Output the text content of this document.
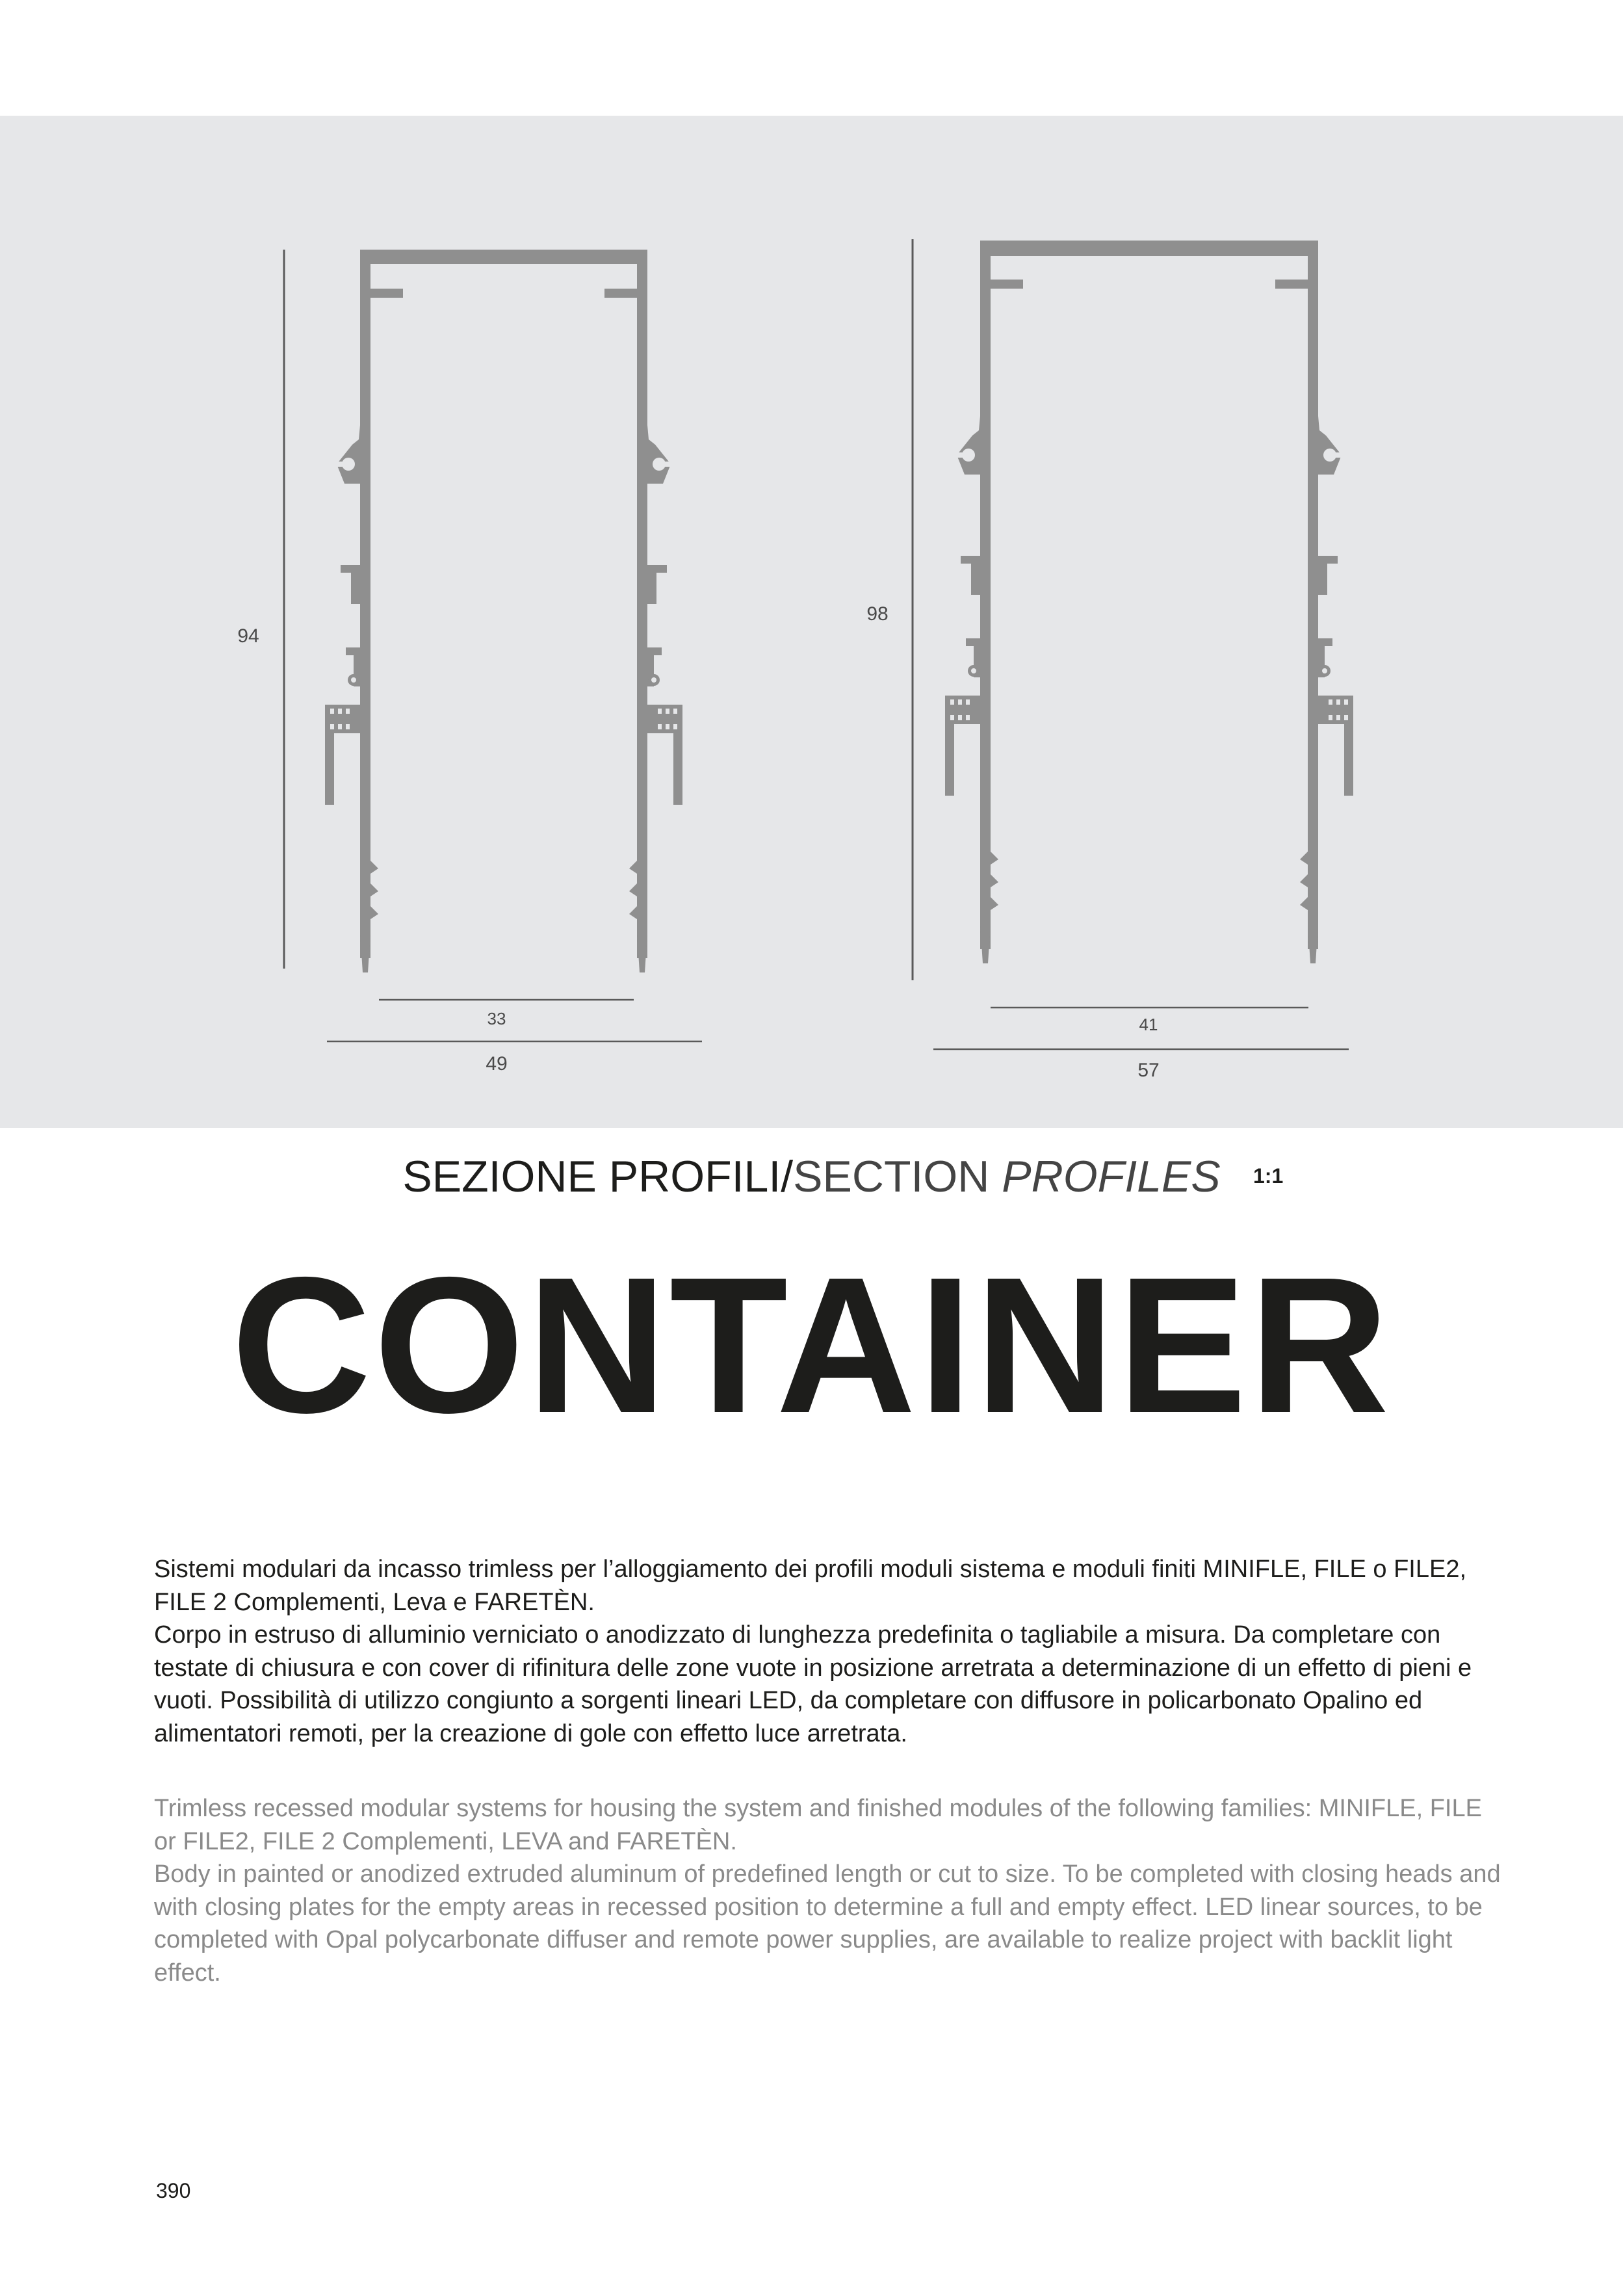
94
33
49
98
41
57
SEZIONE PROFILI/SECTION PROFILES	1:1
CONTAINER

Sistemi modulari da incasso trimless per l’alloggiamento dei profili moduli sistema e moduli finiti MINIFLE, FILE o FILE2, FILE 2 Complementi, Leva e FARETÈN.

Corpo in estruso di alluminio verniciato o anodizzato di lunghezza predefinita o tagliabile a misura. Da completare con testate di chiusura e con cover di rifinitura delle zone vuote in posizione arretrata a determinazione di un effetto di pieni e vuoti. Possibilità di utilizzo congiunto a sorgenti lineari LED, da completare con diffusore in policarbonato Opalino ed alimentatori remoti, per la creazione di gole con effetto luce arretrata.

Trimless recessed modular systems for housing the system and finished modules of the following families: MINIFLE, FILE or FILE2, FILE 2 Complementi, LEVA and FARETÈN.

Body in painted or anodized extruded aluminum of predefined length or cut to size. To be completed with closing heads and with closing plates for the empty areas in recessed position to determine a full and empty effect. LED linear sources, to be completed with Opal polycarbonate diffuser and remote power supplies, are available to realize project with backlit light effect.

390
